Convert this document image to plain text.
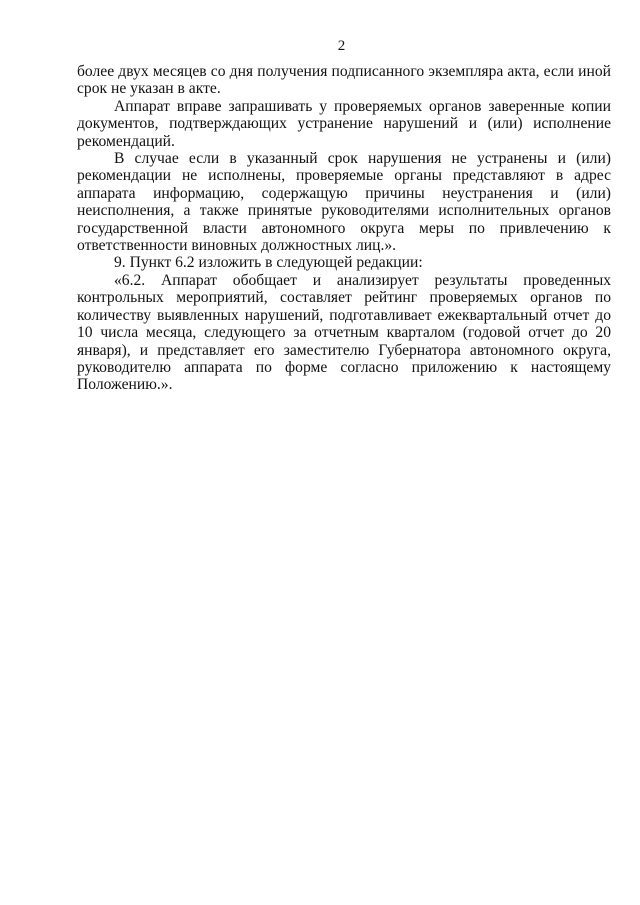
2

более двух месяцев со дня получения подписанного экземпляра акта, если иной срок не указан в акте.

Аппарат вправе запрашивать у проверяемых органов заверенные копии документов, подтверждающих устранение нарушений и (или) исполнение рекомендаций.

В случае если в указанный срок нарушения не устранены и (или) рекомендации не исполнены, проверяемые органы представляют в адрес аппарата информацию, содержащую причины неустранения и (или) неисполнения, а также принятые руководителями исполнительных органов государственной власти автономного округа меры по привлечению к ответственности виновных должностных лиц.».

9. Пункт 6.2 изложить в следующей редакции:

«6.2. Аппарат обобщает и анализирует результаты проведенных контрольных мероприятий, составляет рейтинг проверяемых органов по количеству выявленных нарушений, подготавливает ежеквартальный отчет до 10 числа месяца, следующего за отчетным кварталом (годовой отчет до 20 января), и представляет его заместителю Губернатора автономного округа, руководителю аппарата по форме согласно приложению к настоящему Положению.».
